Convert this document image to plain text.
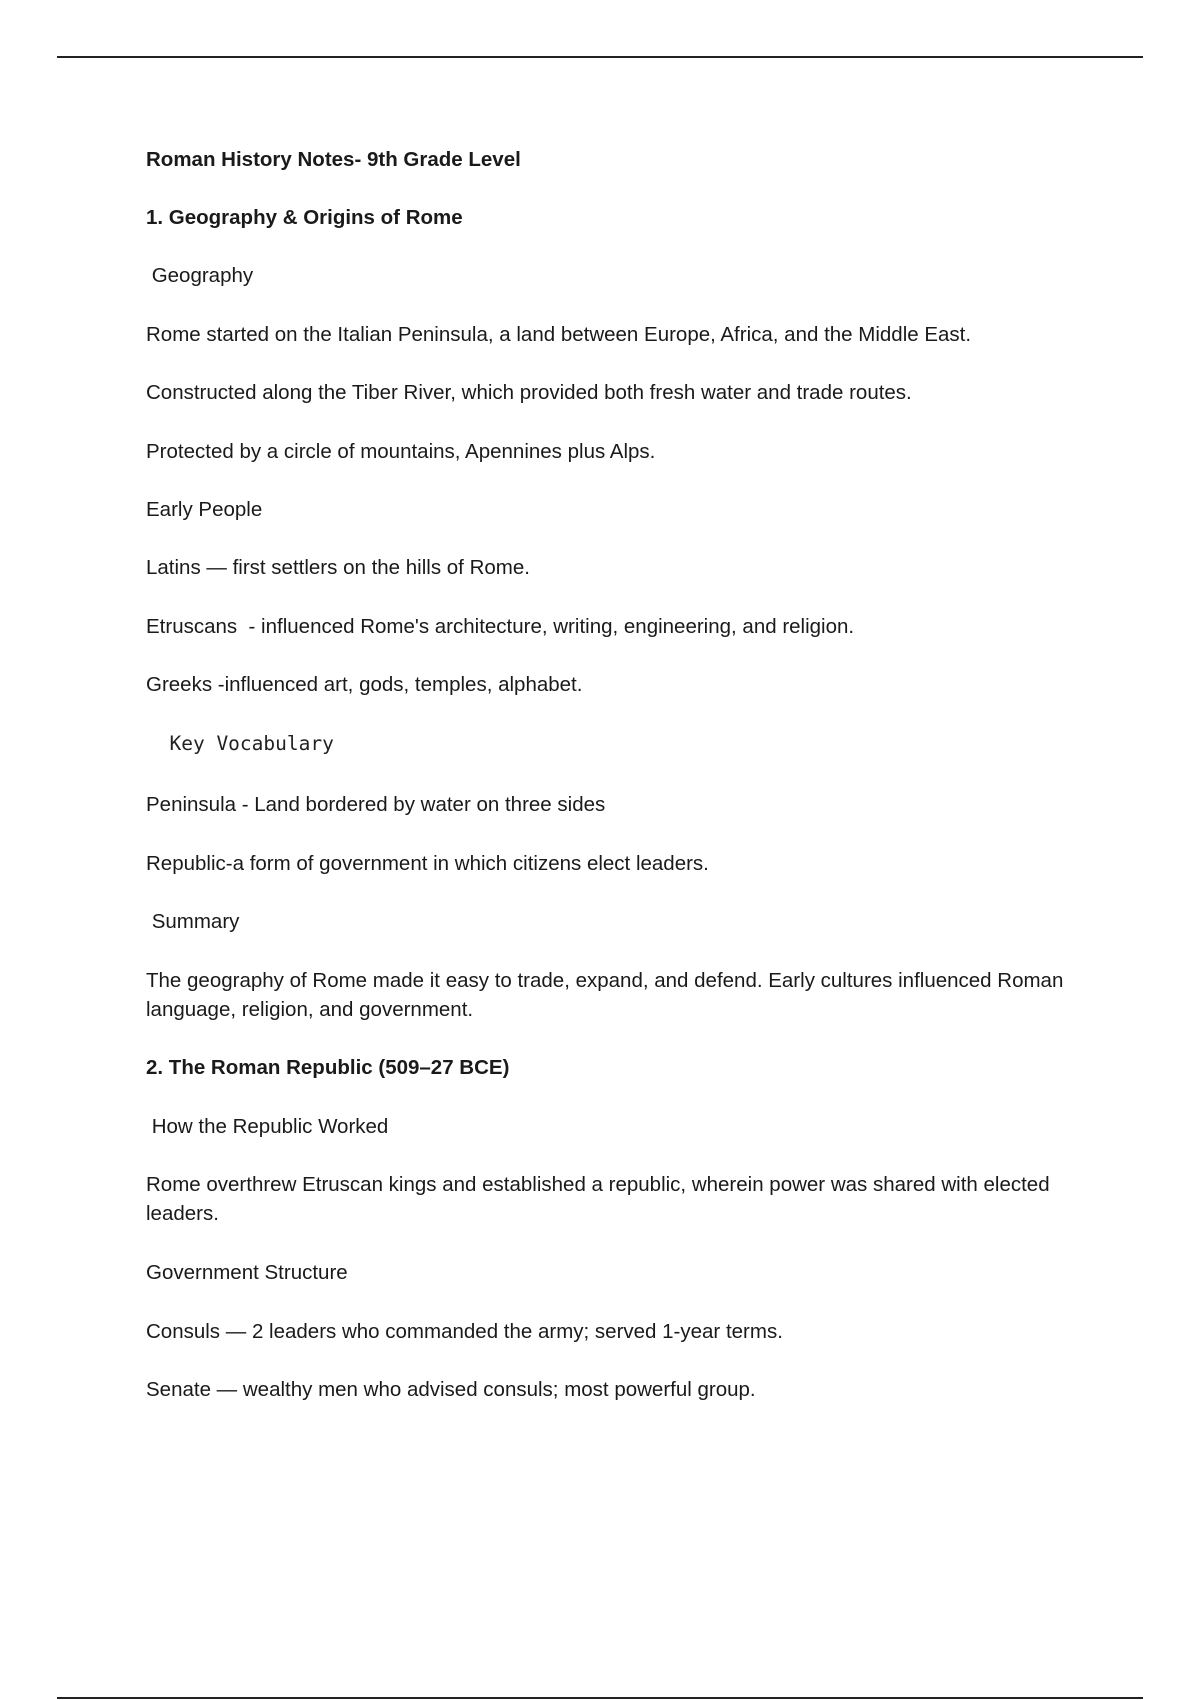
Roman History Notes- 9th Grade Level
1. Geography & Origins of Rome
Geography
Rome started on the Italian Peninsula, a land between Europe, Africa, and the Middle East.
Constructed along the Tiber River, which provided both fresh water and trade routes.
Protected by a circle of mountains, Apennines plus Alps.
Early People
Latins — first settlers on the hills of Rome.
Etruscans  - influenced Rome's architecture, writing, engineering, and religion.
Greeks -influenced art, gods, temples, alphabet.
Key Vocabulary
Peninsula - Land bordered by water on three sides
Republic-a form of government in which citizens elect leaders.
Summary
The geography of Rome made it easy to trade, expand, and defend. Early cultures influenced Roman language, religion, and government.
2. The Roman Republic (509–27 BCE)
How the Republic Worked
Rome overthrew Etruscan kings and established a republic, wherein power was shared with elected leaders.
Government Structure
Consuls — 2 leaders who commanded the army; served 1-year terms.
Senate — wealthy men who advised consuls; most powerful group.
